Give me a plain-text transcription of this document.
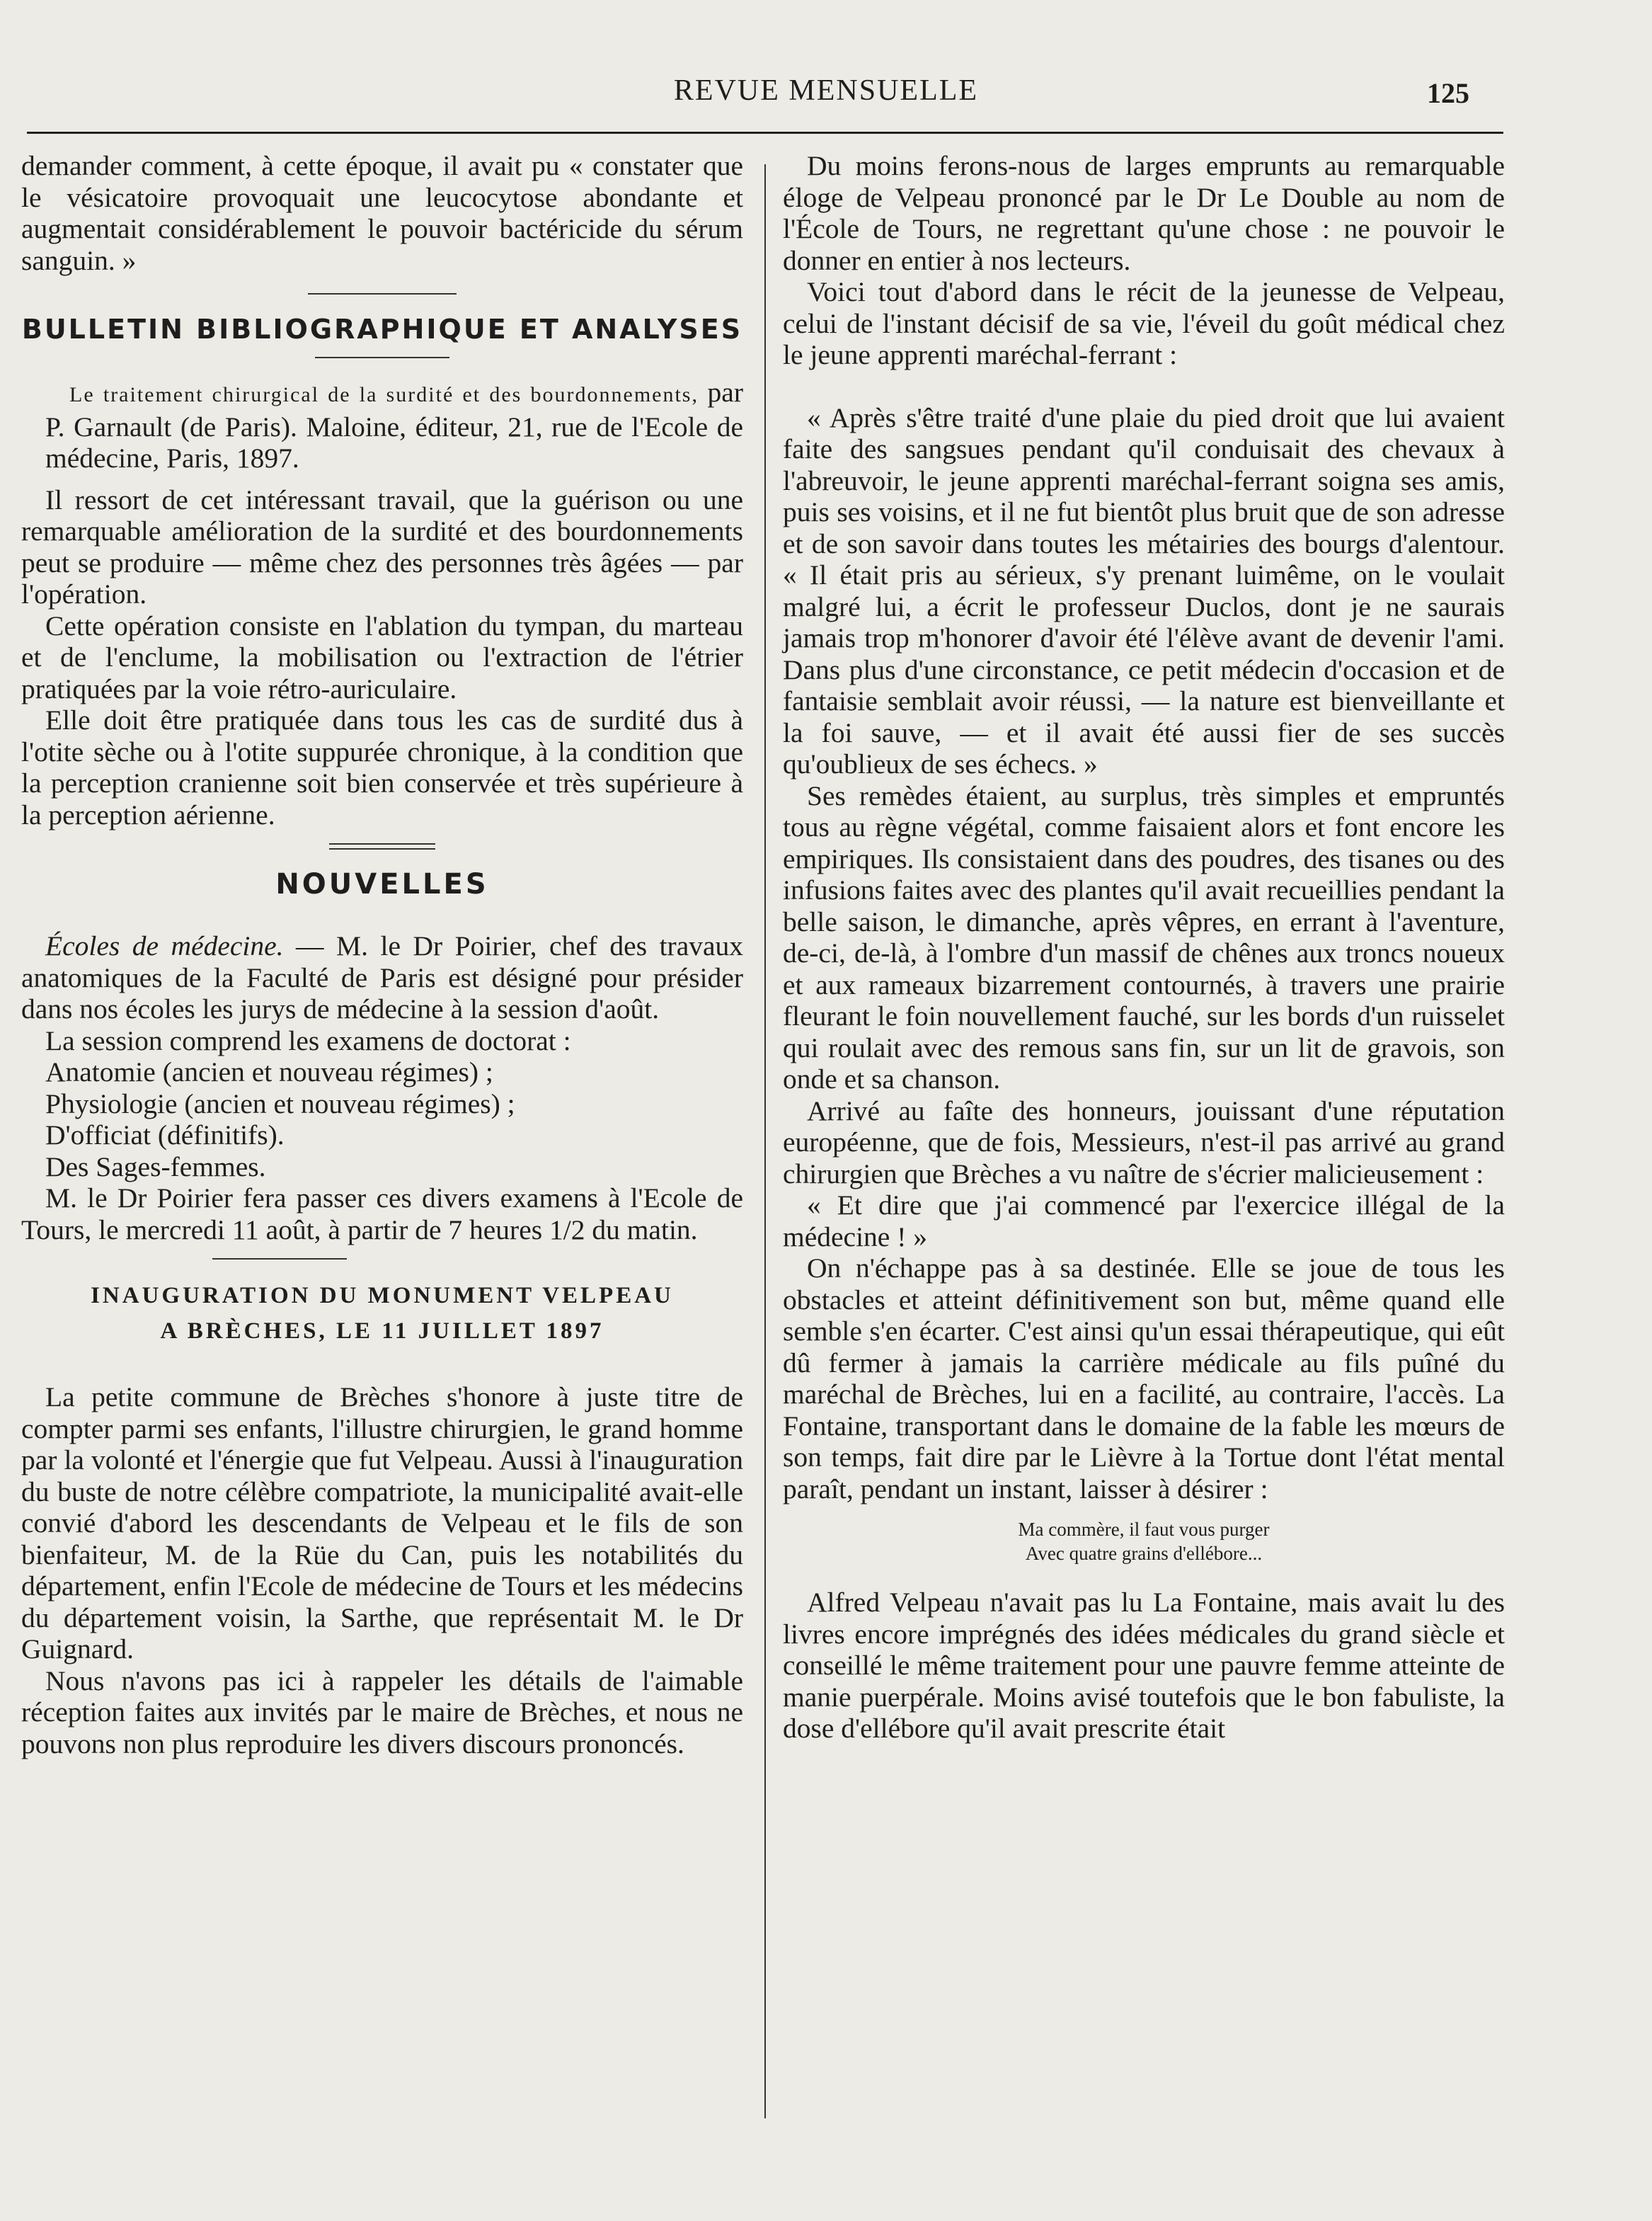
REVUE MENSUELLE	125

demander comment, à cette époque, il avait pu « constater que le vésicatoire provoquait une leucocytose abondante et augmentait considérablement le pouvoir bactéricide du sérum sanguin. »

BULLETIN BIBLIOGRAPHIQUE ET ANALYSES

Le traitement chirurgical de la surdité et des bourdonnements, par P. Garnault (de Paris). Maloine, éditeur, 21, rue de l'Ecole de médecine, Paris, 1897.

Il ressort de cet intéressant travail, que la guérison ou une remarquable amélioration de la surdité et des bourdonnements peut se produire — même chez des personnes très âgées — par l'opération.

Cette opération consiste en l'ablation du tympan, du marteau et de l'enclume, la mobilisation ou l'extraction de l'étrier pratiquées par la voie rétro-auriculaire.

Elle doit être pratiquée dans tous les cas de surdité dus à l'otite sèche ou à l'otite suppurée chronique, à la condition que la perception cranienne soit bien conservée et très supérieure à la perception aérienne.

NOUVELLES

Écoles de médecine. — M. le Dr Poirier, chef des travaux anatomiques de la Faculté de Paris est désigné pour présider dans nos écoles les jurys de médecine à la session d'août.

La session comprend les examens de doctorat :

Anatomie (ancien et nouveau régimes) ;

Physiologie (ancien et nouveau régimes) ;

D'officiat (définitifs).

Des Sages-femmes.

M. le Dr Poirier fera passer ces divers examens à l'Ecole de Tours, le mercredi 11 août, à partir de 7 heures 1/2 du matin.

INAUGURATION DU MONUMENT VELPEAU
A BRÈCHES, LE 11 JUILLET 1897

La petite commune de Brèches s'honore à juste titre de compter parmi ses enfants, l'illustre chirurgien, le grand homme par la volonté et l'énergie que fut Velpeau. Aussi à l'inauguration du buste de notre célèbre compatriote, la municipalité avait-elle convié d'abord les descendants de Velpeau et le fils de son bienfaiteur, M. de la Rüe du Can, puis les notabilités du département, enfin l'Ecole de médecine de Tours et les médecins du département voisin, la Sarthe, que représentait M. le Dr Guignard.

Nous n'avons pas ici à rappeler les détails de l'aimable réception faites aux invités par le maire de Brèches, et nous ne pouvons non plus reproduire les divers discours prononcés.

Du moins ferons-nous de larges emprunts au remarquable éloge de Velpeau prononcé par le Dr Le Double au nom de l'École de Tours, ne regrettant qu'une chose : ne pouvoir le donner en entier à nos lecteurs.

Voici tout d'abord dans le récit de la jeunesse de Velpeau, celui de l'instant décisif de sa vie, l'éveil du goût médical chez le jeune apprenti maréchal-ferrant :

« Après s'être traité d'une plaie du pied droit que lui avaient faite des sangsues pendant qu'il conduisait des chevaux à l'abreuvoir, le jeune apprenti maréchal-ferrant soigna ses amis, puis ses voisins, et il ne fut bientôt plus bruit que de son adresse et de son savoir dans toutes les métairies des bourgs d'alentour. « Il était pris au sérieux, s'y prenant luimême, on le voulait malgré lui, a écrit le professeur Duclos, dont je ne saurais jamais trop m'honorer d'avoir été l'élève avant de devenir l'ami. Dans plus d'une circonstance, ce petit médecin d'occasion et de fantaisie semblait avoir réussi, — la nature est bienveillante et la foi sauve, — et il avait été aussi fier de ses succès qu'oublieux de ses échecs. »

Ses remèdes étaient, au surplus, très simples et empruntés tous au règne végétal, comme faisaient alors et font encore les empiriques. Ils consistaient dans des poudres, des tisanes ou des infusions faites avec des plantes qu'il avait recueillies pendant la belle saison, le dimanche, après vêpres, en errant à l'aventure, de-ci, de-là, à l'ombre d'un massif de chênes aux troncs noueux et aux rameaux bizarrement contournés, à travers une prairie fleurant le foin nouvellement fauché, sur les bords d'un ruisselet qui roulait avec des remous sans fin, sur un lit de gravois, son onde et sa chanson.

Arrivé au faîte des honneurs, jouissant d'une réputation européenne, que de fois, Messieurs, n'est-il pas arrivé au grand chirurgien que Brèches a vu naître de s'écrier malicieusement :

« Et dire que j'ai commencé par l'exercice illégal de la médecine ! »

On n'échappe pas à sa destinée. Elle se joue de tous les obstacles et atteint définitivement son but, même quand elle semble s'en écarter. C'est ainsi qu'un essai thérapeutique, qui eût dû fermer à jamais la carrière médicale au fils puîné du maréchal de Brèches, lui en a facilité, au contraire, l'accès. La Fontaine, transportant dans le domaine de la fable les mœurs de son temps, fait dire par le Lièvre à la Tortue dont l'état mental paraît, pendant un instant, laisser à désirer :

Ma commère, il faut vous purger
Avec quatre grains d'ellébore...

Alfred Velpeau n'avait pas lu La Fontaine, mais avait lu des livres encore imprégnés des idées médicales du grand siècle et conseillé le même traitement pour une pauvre femme atteinte de manie puerpérale. Moins avisé toutefois que le bon fabuliste, la dose d'ellébore qu'il avait prescrite était
